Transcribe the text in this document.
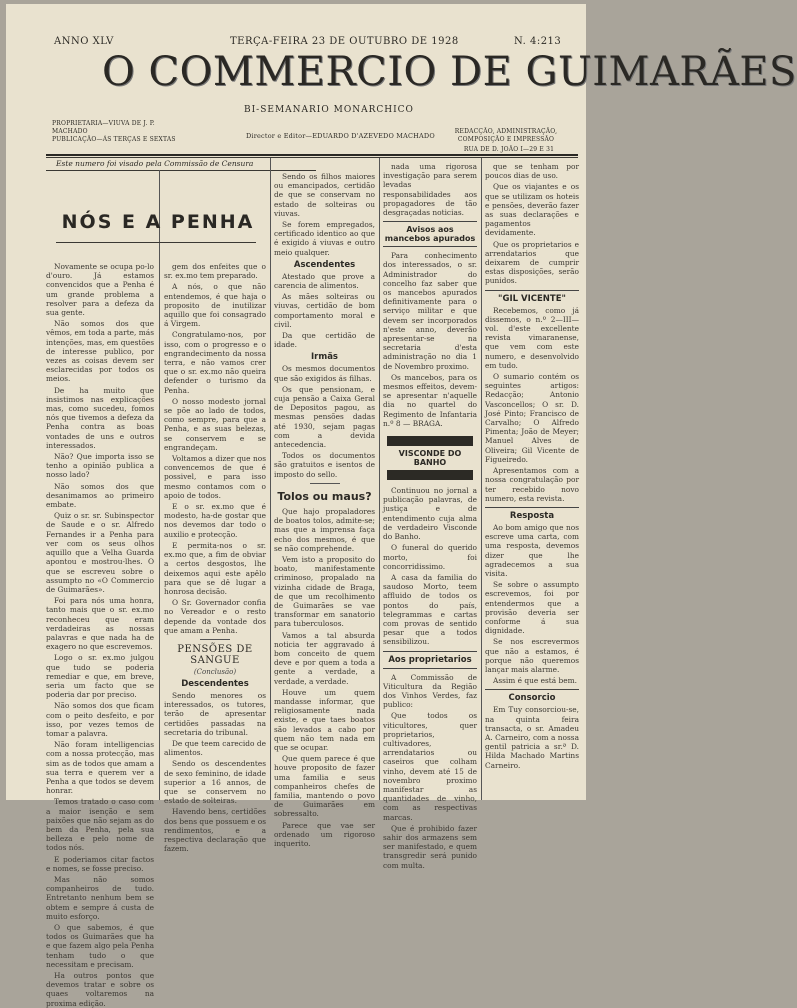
ANNO XLV	TERÇA-FEIRA 23 DE OUTUBRO DE 1928	N. 4:213
O COMMERCIO DE GUIMARÃES
BI-SEMANARIO MONARCHICO
PROPRIETARIA—VIUVA DE J. P. MACHADO
PUBLICAÇÃO—ÁS TERÇAS E SEXTAS	Director e Editor—EDUARDO D'AZEVEDO MACHADO
REDACÇÃO, ADMINISTRAÇÃO, COMPOSIÇÃO E IMPRESSÃO
RUA DE D. JOÃO I—29 E 31
Este numero foi visado pela Commissão de Censura
NÓS E A PENHA

Novamente se ocupa po-lo d'ouro. Já estamos convencidos que a Penha é um grande problema a resolver para a defeza da sua gente.

Não somos dos que vêmos, em toda a parte, más intenções, mas, em questões de interesse publico, por vezes as coisas devem ser esclarecidas por todos os meios.

De ha muito que insistimos nas explicações mas, como sucedeu, fomos nós que tivemos a defeza da Penha contra as boas vontades de uns e outros interessados.

Não? Que importa isso se tenho a opinião publica a nosso lado?

Não somos dos que desanimamos ao primeiro embate.

Quiz o sr. sr. Subinspector de Saude e o sr. Alfredo Fernandes ir a Penha para ver com os seus olhos aquillo que a Velha Guarda apontou e mostrou-lhes. O que se escreveu sobre o assumpto no «O Commercio de Guimarães».

Foi para nós uma honra, tanto mais que o sr. ex.mo reconheceu que eram verdadeiras as nossas palavras e que nada ha de exagero no que escrevemos.

Logo o sr. ex.mo julgou que tudo se poderia remediar e que, em breve, seria um facto que se poderia dar por preciso.

Não somos dos que ficam com o peito desfeito, e por isso, por vezes temos de tomar a palavra.

Não foram intelligencias com a nossa protecção, mas sim as de todos que amam a sua terra e querem ver a Penha a que todos se devem honrar.

Temos tratado o caso com a maior isenção e sem paixões que não sejam as do bem da Penha, pela sua belleza e pelo nome de todos nós.

E poderiamos citar factos e nomes, se fosse preciso.

Mas não somos companheiros de tudo. Entretanto nenhum bem se obtem e sempre á custa de muito esforço.

O que sabemos, é que todos os Guimarães que ha e que fazem algo pela Penha tenham tudo o que necessitam e precisam.

Ha outros pontos que devemos tratar e sobre os quaes voltaremos na proxima edição.

gem dos enfeites que o sr. ex.mo tem preparado.

A nós, o que não entendemos, é que haja o proposito de inutilizar aquillo que foi consagrado á Virgem.

Congratulamo-nos, por isso, com o progresso e o engrandecimento da nossa terra, e não vamos crer que o sr. ex.mo não queira defender o turismo da Penha.

O nosso modesto jornal se põe ao lado de todos, como sempre, para que a Penha, e as suas belezas, se conservem e se engrandeçam.

Voltamos a dizer que nos convencemos de que é possivel, e para isso mesmo contamos com o apoio de todos.

E o sr. ex.mo que é modesto, ha-de gostar que nos devemos dar todo o auxilio e protecção.

E permita-nos o sr. ex.mo que, a fim de obviar a certos desgostos, lhe deixemos aqui este apêlo para que se dê lugar a honrosa decisão.

O Sr. Governador confia no Vereador e o resto depende da vontade dos que amam a Penha.

PENSÕES DE SANGUE
(Conclusão)
Descendentes

Sendo menores os interessados, os tutores, terão de apresentar certidões passadas na secretaria do tribunal.

De que teem carecido de alimentos.

Sendo os descendentes de sexo feminino, de idade superior a 16 annos, de que se conservem no estado de solteiras.

Havendo bens, certidões dos bens que possuem e os rendimentos, e a respectiva declaração que fazem.

Sendo os filhos maiores ou emancipados, certidão de que se conservam no estado de solteiras ou viuvas.

Se forem empregados, certificado identico ao que é exigido á viuvas e outro meio qualquer.

Ascendentes

Atestado que prove a carencia de alimentos.

As mães solteiras ou viuvas, certidão de bom comportamento moral e civil.

Da que certidão de idade.

Irmãs

Os mesmos documentos que são exigidos ás filhas.

Os que pensionam, e cuja pensão a Caixa Geral de Depositos pagou, as mesmas pensões dadas até 1930, sejam pagas com a devida antecedencia.

Todos os documentos são gratuitos e isentos de imposto do sello.

Tolos ou maus?

Que hajo propaladores de boatos tolos, admite-se; mas que a imprensa faça echo dos mesmos, é que se não comprehende.

Vem isto a proposito do boato, manifestamente criminoso, propalado na vizinha cidade de Braga, de que um recolhimento de Guimarães se vae transformar em sanatorio para tuberculosos.

Vamos a tal absurda noticia ter aggravado á bom conceito de quem deve e por quem a toda a gente a verdade, a verdade, a verdade.

Houve um quem mandasse informar, que religiosamente nada existe, e que taes boatos são levados a cabo por quem não tem nada em que se ocupar.

Que quem parece é que houve proposito de fazer uma familia e seus companheiros chefes de familia, mantendo o povo de Guimarães em sobressalto.

Parece que vae ser ordenado um rigoroso inquerito.

nada uma rigorosa investigação para serem levadas responsabilidades aos propagadores de tão desgraçadas noticias.

Avisos aos mancebos apurados

Para conhecimento dos interessados, o sr. Administrador do concelho faz saber que os mancebos apurados definitivamente para o serviço militar e que devem ser incorporados n'este anno, deverão apresentar-se na secretaria d'esta administração no dia 1 de Novembro proximo.

Os mancebos, para os mesmos effeitos, devem-se apresentar n'aquelle dia no quartel do Regimento de Infantaria n.º 8 — BRAGA.

VISCONDE DO BANHO

Continuou no jornal a publicação palavras, de justiça e de entendimento cuja alma de verdadeiro Visconde do Banho.

O funeral do querido morto, foi concorridissimo.

A casa da familia do saudoso Morto, teem affluido de todos os pontos do país, telegrammas e cartas com provas de sentido pesar que a todos sensibilizou.

Aos proprietarios

A Commissão de Viticultura da Região dos Vinhos Verdes, faz publico:

Que todos os viticultores, quer proprietarios, cultivadores, arrendatarios ou caseiros que colham vinho, devem até 15 de novembro proximo manifestar as quantidades de vinho, com as respectivas marcas.

Que é prohibido fazer sahir dos armazens sem ser manifestado, e quem transgredir será punido com multa.

que se tenham por poucos dias de uso.

Que os viajantes e os que se utilizam os hoteis e pensões, deverão fazer as suas declarações e pagamentos devidamente.

Que os proprietarios e arrendatarios que deixarem de cumprir estas disposições, serão punidos.

"GIL VICENTE"

Recebemos, como já dissemos, o n.º 2—III—vol. d'este excellente revista vimaranense, que vem com este numero, e desenvolvido em tudo.

O sumario contém os seguintes artigos: Redacção; Antonio Vasconcellos; O sr. D. José Pinto; Francisco de Carvalho; O Alfredo Pimenta; João de Meyer; Manuel Alves de Oliveira; Gil Vicente de Figueiredo.

Apresentamos com a nossa congratulação por ter recebido novo numero, esta revista.

Resposta

Ao bom amigo que nos escreve uma carta, com uma resposta, devemos dizer que lhe agradecemos a sua visita.

Se sobre o assumpto escrevemos, foi por entendermos que a provisão deveria ser conforme á sua dignidade.

Se nos escrevermos que não a estamos, é porque não queremos lançar mais alarme.

Assim é que está bem.

Consorcio

Em Tuy consorciou-se, na quinta feira transacta, o sr. Amadeu A. Carneiro, com a nossa gentil patricia a sr.ª D. Hilda Machado Martins Carneiro.
